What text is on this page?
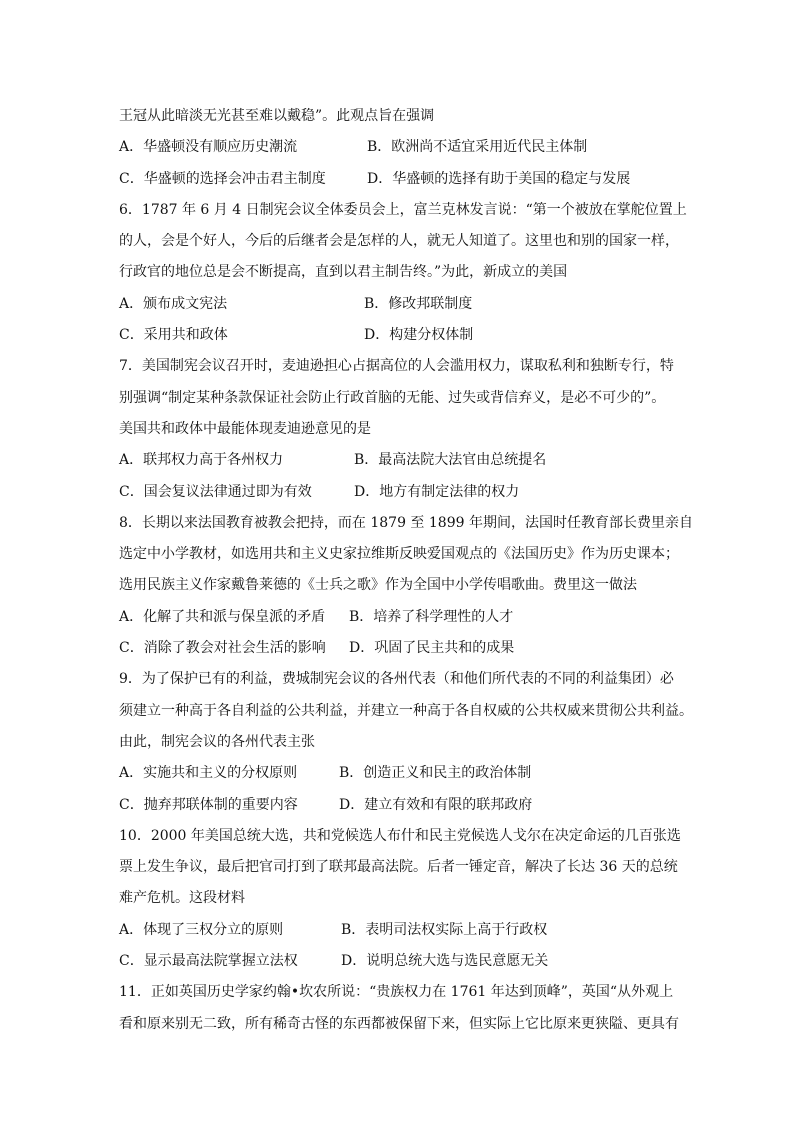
王冠从此暗淡无光甚至难以戴稳”。此观点旨在强调
A．华盛顿没有顺应历史潮流	B．欧洲尚不适宜采用近代民主体制
C．华盛顿的选择会冲击君主制度	D．华盛顿的选择有助于美国的稳定与发展
6．1787 年 6 月 4 日制宪会议全体委员会上，富兰克林发言说：“第一个被放在掌舵位置上
的人，会是个好人，今后的后继者会是怎样的人，就无人知道了。这里也和别的国家一样，
行政官的地位总是会不断提高，直到以君主制告终。”为此，新成立的美国
A．颁布成文宪法	B．修改邦联制度
C．采用共和政体	D．构建分权体制
7．美国制宪会议召开时，麦迪逊担心占据高位的人会滥用权力，谋取私利和独断专行，特
别强调“制定某种条款保证社会防止行政首脑的无能、过失或背信弃义，是必不可少的”。
美国共和政体中最能体现麦迪逊意见的是
A．联邦权力高于各州权力	B．最高法院大法官由总统提名
C．国会复议法律通过即为有效	D．地方有制定法律的权力
8．长期以来法国教育被教会把持，而在 1879 至 1899 年期间，法国时任教育部长费里亲自
选定中小学教材，如选用共和主义史家拉维斯反映爱国观点的《法国历史》作为历史课本；
选用民族主义作家戴鲁莱德的《士兵之歌》作为全国中小学传唱歌曲。费里这一做法
A．化解了共和派与保皇派的矛盾 B．培养了科学理性的人才
C．消除了教会对社会生活的影响 D．巩固了民主共和的成果
9．为了保护已有的利益，费城制宪会议的各州代表（和他们所代表的不同的利益集团）必
须建立一种高于各自利益的公共利益，并建立一种高于各自权威的公共权威来贯彻公共利益。
由此，制宪会议的各州代表主张
A．实施共和主义的分权原则	B．创造正义和民主的政治体制
C．抛弃邦联体制的重要内容	D．建立有效和有限的联邦政府
10．2000 年美国总统大选，共和党候选人布什和民主党候选人戈尔在决定命运的几百张选
票上发生争议，最后把官司打到了联邦最高法院。后者一锤定音，解决了长达 36 天的总统
难产危机。这段材料
A．体现了三权分立的原则	B．表明司法权实际上高于行政权
C．显示最高法院掌握立法权	D．说明总统大选与选民意愿无关
11．正如英国历史学家约翰•坎农所说：“贵族权力在 1761 年达到顶峰”，英国“从外观上
看和原来别无二致，所有稀奇古怪的东西都被保留下来，但实际上它比原来更狭隘、更具有
